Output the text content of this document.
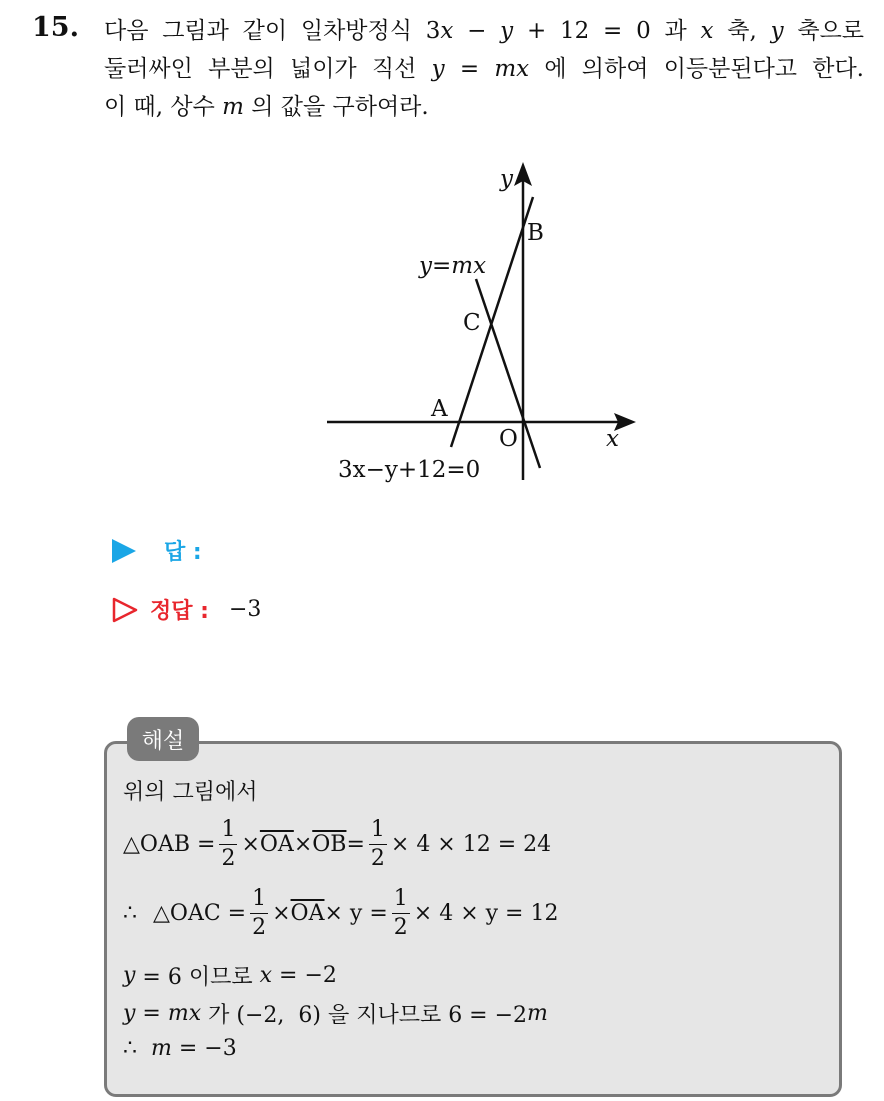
15. 다음 그림과 같이 일차방정식 3x − y + 12 = 0 과 x 축, y 축으로
둘러싸인 부분의 넓이가 직선 y = mx 에 의하여 이등분된다고 한다.
이 때, 상수 m 의 값을 구하여라.
y
x
B
C
A
O
y=mx
3x−y+12=0
답 :
정답 : −3
해설
위의 그림에서
△OAB = $\frac{1}{2} \times \overline{OA} \times \overline{OB} = \frac{1}{2} \times 4 \times 12 = 24$
∴ △OAC = $\frac{1}{2} \times \overline{OA} \times y = \frac{1}{2} \times 4 \times y = 12$
y = 6 이므로 x = −2
y = mx 가 (−2,  6) 을 지나므로 6 = −2 m
∴
m = −3
